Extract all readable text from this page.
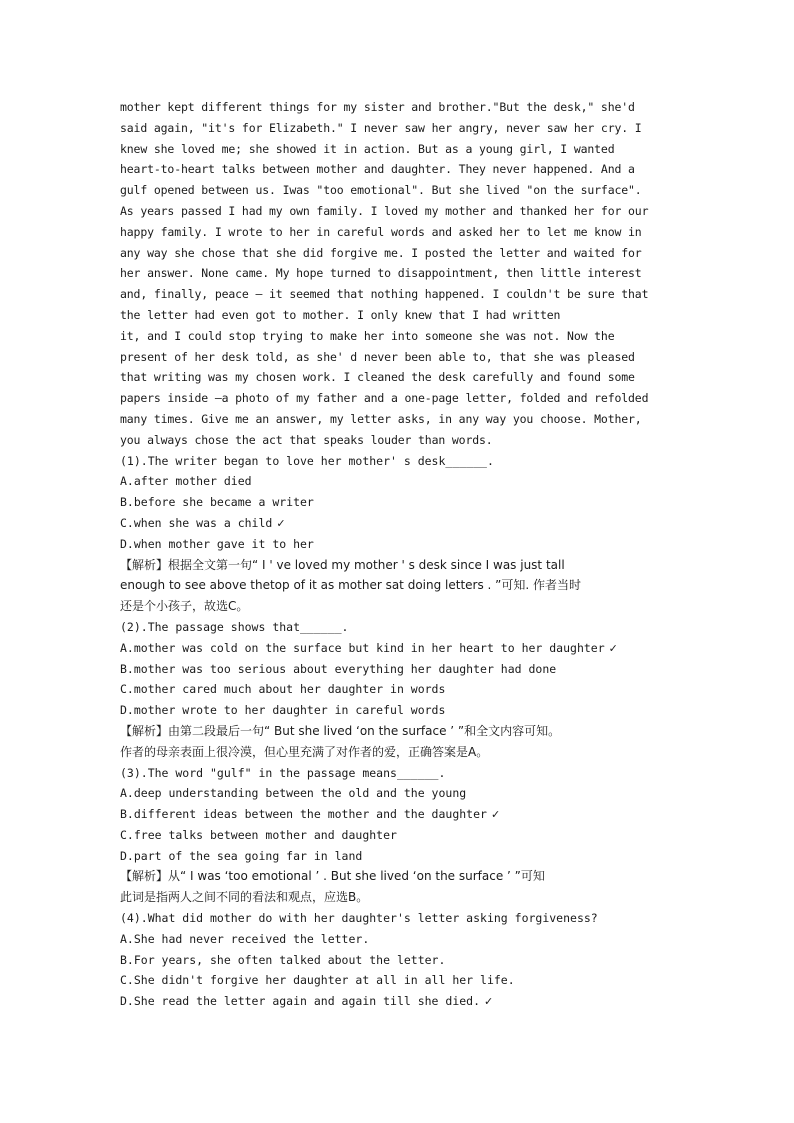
mother kept different things for my sister and brother."But the desk," she'd
said again, "it's for Elizabeth." I never saw her angry, never saw her cry. I
knew she loved me; she showed it in action. But as a young girl, I wanted
heart-to-heart talks between mother and daughter. They never happened. And a
gulf opened between us. Iwas "too emotional". But she lived "on the surface".
As years passed I had my own family. I loved my mother and thanked her for our
happy family. I wrote to her in careful words and asked her to let me know in
any way she chose that she did forgive me. I posted the letter and waited for
her answer. None came. My hope turned to disappointment, then little interest
and, finally, peace — it seemed that nothing happened. I couldn't be sure that
the letter had even got to mother. I only knew that I had written
it, and I could stop trying to make her into someone she was not. Now the
present of her desk told, as she' d never been able to, that she was pleased
that writing was my chosen work. I cleaned the desk carefully and found some
papers inside —a photo of my father and a one-page letter, folded and refolded
many times. Give me an answer, my letter asks, in any way you choose. Mother,
you always chose the act that speaks louder than words.
(1).The writer began to love her mother' s desk______.
A.after mother died
B.before she became a writer
C.when she was a child ✓
D.when mother gave it to her
【解析】根据全文第一句“ I ' ve loved my mother ' s desk since I was just tall
enough to see above thetop of it as mother sat doing letters . ”可知. 作者当时
还是个小孩子，故选C。
(2).The passage shows that______.
A.mother was cold on the surface but kind in her heart to her daughter ✓
B.mother was too serious about everything her daughter had done
C.mother cared much about her daughter in words
D.mother wrote to her daughter in careful words
【解析】由第二段最后一句“ But she lived ‘on the surface ’ ”和全文内容可知。
作者的母亲表面上很冷漠，但心里充满了对作者的爱，正确答案是A。
(3).The word "gulf" in the passage means______.
A.deep understanding between the old and the young
B.different ideas between the mother and the daughter ✓
C.free talks between mother and daughter
D.part of the sea going far in land
【解析】从“ I was ‘too emotional ’ . But she lived ‘on the surface ’ ”可知
此词是指两人之间不同的看法和观点，应选B。
(4).What did mother do with her daughter's letter asking forgiveness?
A.She had never received the letter.
B.For years, she often talked about the letter.
C.She didn't forgive her daughter at all in all her life.
D.She read the letter again and again till she died. ✓
